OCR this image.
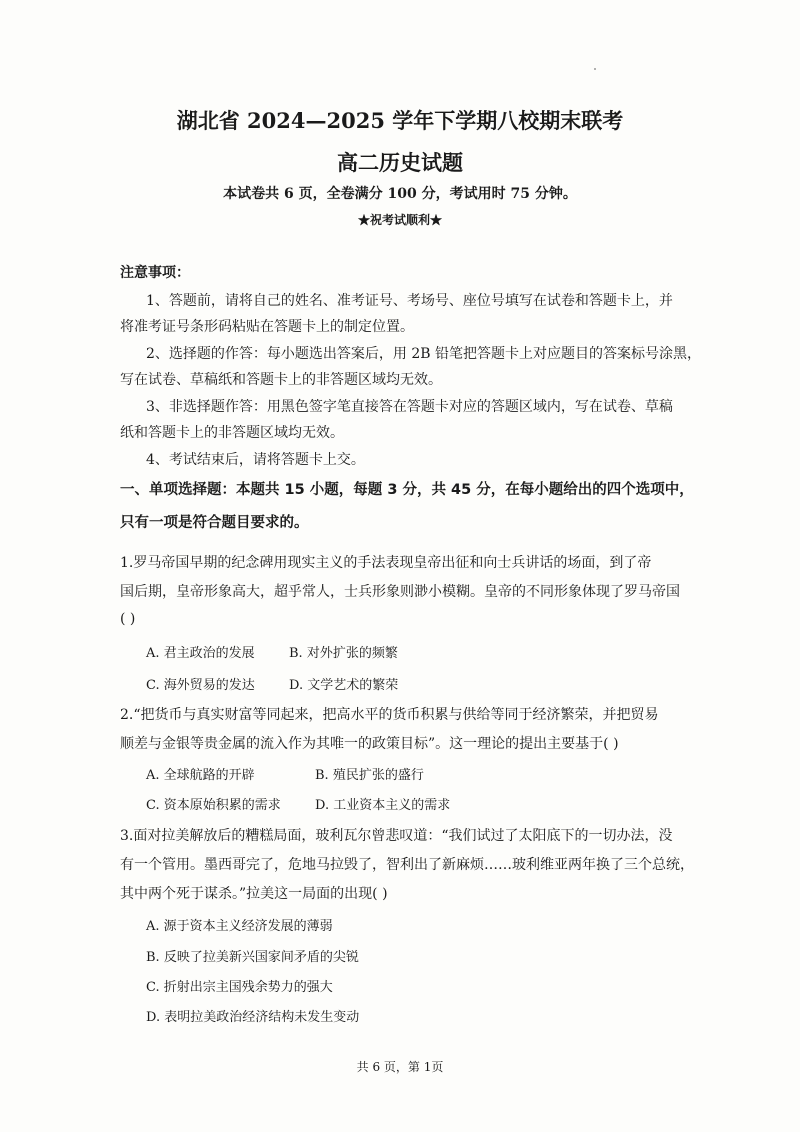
湖北省 2024—2025 学年下学期八校期末联考
高二历史试题
本试卷共 6 页，全卷满分 100 分，考试用时 75 分钟。
★祝考试顺利★
注意事项：
1、答题前，请将自己的姓名、准考证号、考场号、座位号填写在试卷和答题卡上，并
将准考证号条形码粘贴在答题卡上的制定位置。
2、选择题的作答：每小题选出答案后，用 2B 铅笔把答题卡上对应题目的答案标号涂黑，
写在试卷、草稿纸和答题卡上的非答题区域均无效。
3、非选择题作答：用黑色签字笔直接答在答题卡对应的答题区域内，写在试卷、草稿
纸和答题卡上的非答题区域均无效。
4、考试结束后，请将答题卡上交。
一、单项选择题：本题共 15 小题，每题 3 分，共 45 分，在每小题给出的四个选项中，
只有一项是符合题目要求的。
1.罗马帝国早期的纪念碑用现实主义的手法表现皇帝出征和向士兵讲话的场面，到了帝
国后期，皇帝形象高大，超乎常人，士兵形象则渺小模糊。皇帝的不同形象体现了罗马帝国
( )
A. 君主政治的发展	B. 对外扩张的频繁
C. 海外贸易的发达	D. 文学艺术的繁荣
2.“把货币与真实财富等同起来，把高水平的货币积累与供给等同于经济繁荣，并把贸易
顺差与金银等贵金属的流入作为其唯一的政策目标”。这一理论的提出主要基于( )
A. 全球航路的开辟	B. 殖民扩张的盛行
C. 资本原始积累的需求	D. 工业资本主义的需求
3.面对拉美解放后的糟糕局面，玻利瓦尔曾悲叹道：“我们试过了太阳底下的一切办法，没
有一个管用。墨西哥完了，危地马拉毁了，智利出了新麻烦……玻利维亚两年换了三个总统，
其中两个死于谋杀。”拉美这一局面的出现( )
A. 源于资本主义经济发展的薄弱
B. 反映了拉美新兴国家间矛盾的尖锐
C. 折射出宗主国残余势力的强大
D. 表明拉美政治经济结构未发生变动
共 6 页，第 1页
